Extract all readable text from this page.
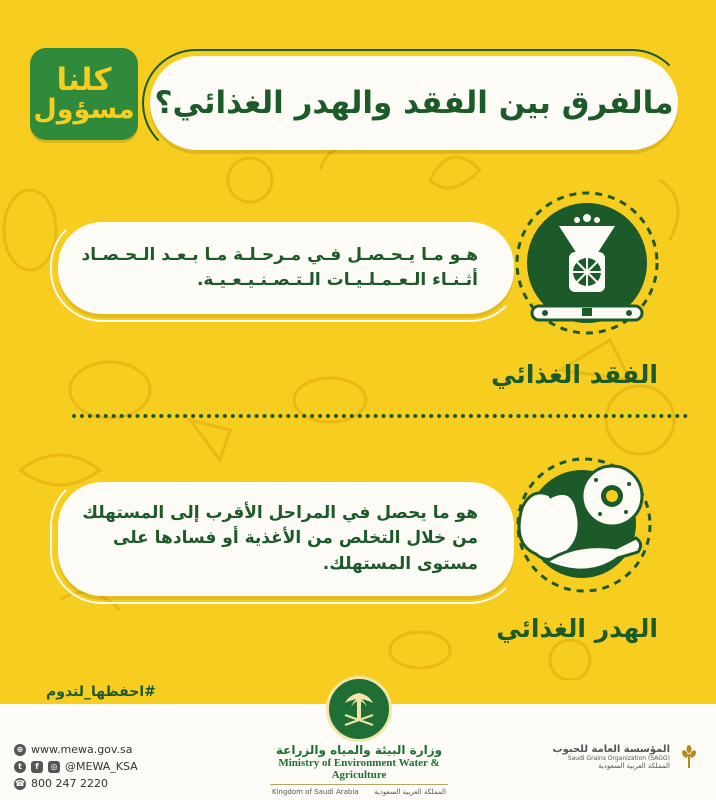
كلنا
مسؤول مالفرق بين الفقد والهدر الغذائي؟
هـو مـا يـحـصـل فـي مـرحـلـة مـا بـعـد الـحـصـاد
أثـنـاء الـعـمـلـيـات الـتـصـنـيـعـيـة.
الفقد الغذائي
هو ما يحصل في المراحل الأقرب إلى المستهلك
من خلال التخلص من الأغذية أو فسادها على
مستوى المستهلك.
الهدر الغذائي
#احفظها_لتدوم
⊕ www.mewa.gov.sa
t	f	◎ @MEWA_KSA
☎ 800 247 2220
وزارة البيئة والمياه والزراعة
Ministry of Environment Water & Agriculture
Kingdom of Saudi Arabia المملكة العربية السعودية
المؤسسة العامة للحبوب
Saudi Grains Organization (SAGO)
المملكة العربية السعودية
